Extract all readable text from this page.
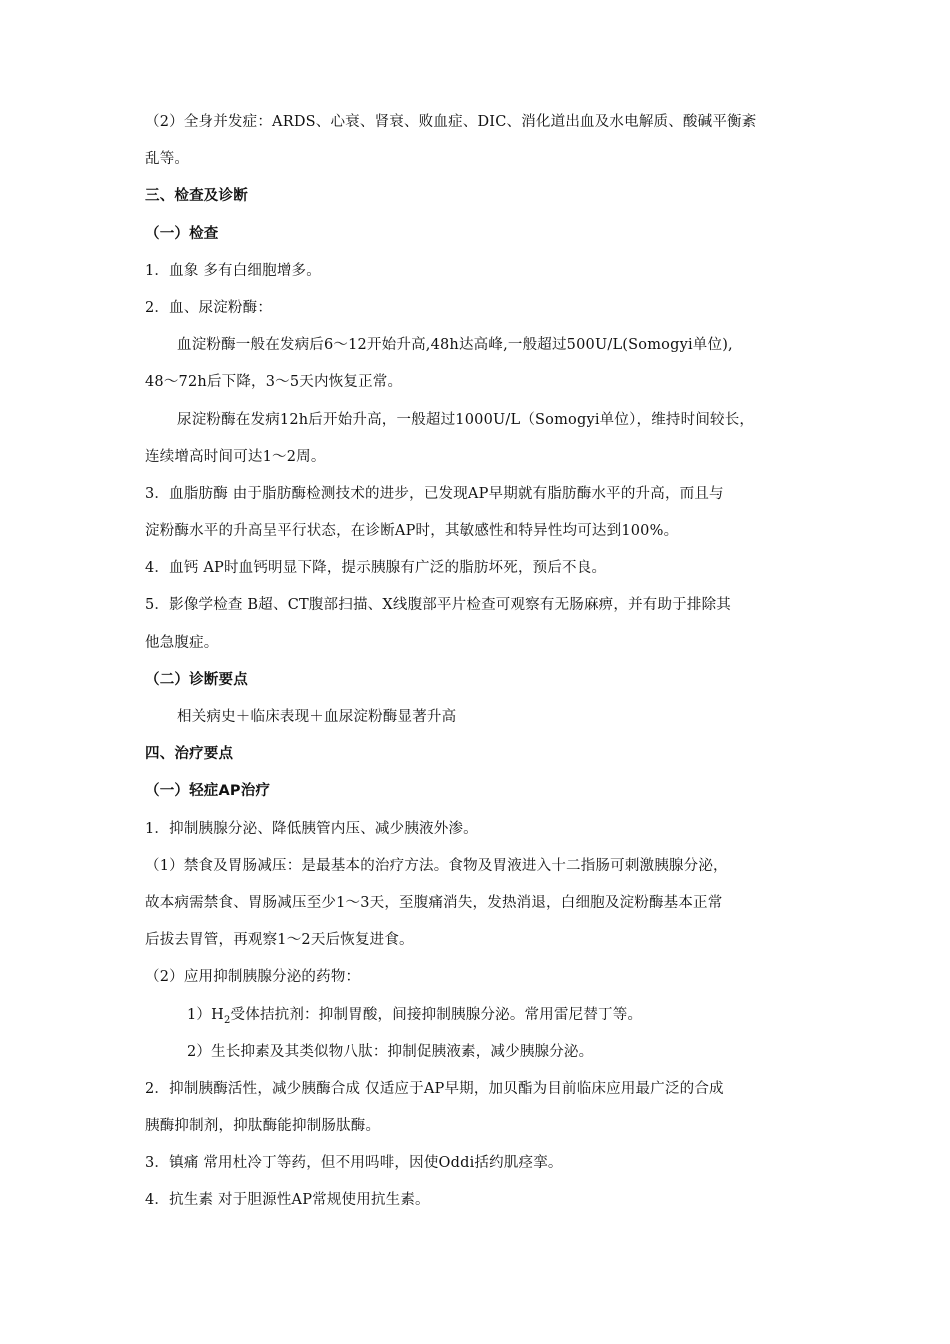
（2）全身并发症：ARDS、心衰、肾衰、败血症、DIC、消化道出血及水电解质、酸碱平衡紊
乱等。
三、检查及诊断
（一）检查
1．血象 多有白细胞增多。
2．血、尿淀粉酶：
血淀粉酶一般在发病后6～12开始升高,48h达高峰,一般超过500U/L(Somogyi单位),
48～72h后下降，3～5天内恢复正常。
尿淀粉酶在发病12h后开始升高，一般超过1000U/L（Somogyi单位），维持时间较长，
连续增高时间可达1～2周。
3．血脂肪酶 由于脂肪酶检测技术的进步，已发现AP早期就有脂肪酶水平的升高，而且与
淀粉酶水平的升高呈平行状态，在诊断AP时，其敏感性和特异性均可达到100%。
4．血钙 AP时血钙明显下降，提示胰腺有广泛的脂肪坏死，预后不良。
5．影像学检查 B超、CT腹部扫描、X线腹部平片检查可观察有无肠麻痹，并有助于排除其
他急腹症。
（二）诊断要点
相关病史＋临床表现＋血尿淀粉酶显著升高
四、治疗要点
（一）轻症AP治疗
1．抑制胰腺分泌、降低胰管内压、减少胰液外渗。
（1）禁食及胃肠减压：是最基本的治疗方法。食物及胃液进入十二指肠可刺激胰腺分泌，
故本病需禁食、胃肠减压至少1～3天，至腹痛消失，发热消退，白细胞及淀粉酶基本正常
后拔去胃管，再观察1～2天后恢复进食。
（2）应用抑制胰腺分泌的药物：
$1)H_2$受体拮抗剂：抑制胃酸，间接抑制胰腺分泌。常用雷尼替丁等。
2）生长抑素及其类似物八肽：抑制促胰液素，减少胰腺分泌。
2．抑制胰酶活性，减少胰酶合成 仅适应于AP早期，加贝酯为目前临床应用最广泛的合成
胰酶抑制剂，抑肽酶能抑制肠肽酶。
3．镇痛 常用杜冷丁等药，但不用吗啡，因使Oddi括约肌痉挛。
4．抗生素 对于胆源性AP常规使用抗生素。
